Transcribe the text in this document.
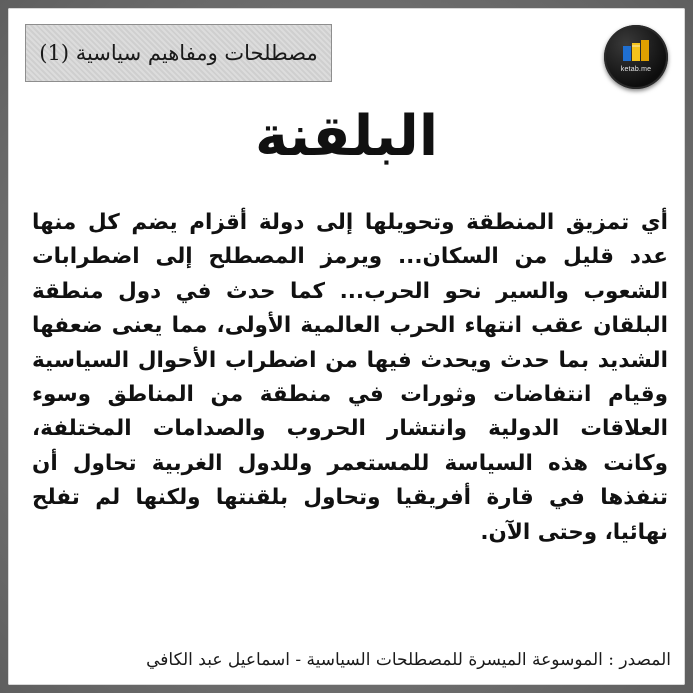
مصطلحات ومفاهيم سياسية (1)
ketab.me
البلقنة

أي تمزيق المنطقة وتحويلها إلى دولة أقزام يضم كل منها عدد قليل من السكان... ويرمز المصطلح إلى اضطرابات الشعوب والسير نحو الحرب... كما حدث في دول منطقة البلقان عقب انتهاء الحرب العالمية الأولى، مما يعنى ضعفها الشديد بما حدث ويحدث فيها من اضطراب الأحوال السياسية وقيام انتفاضات وثورات في منطقة من المناطق وسوء العلاقات الدولية وانتشار الحروب والصدامات المختلفة، وكانت هذه السياسة للمستعمر وللدول الغربية تحاول أن تنفذها في قارة أفريقيا وتحاول بلقنتها ولكنها لم تفلح نهائيا، وحتى الآن.

المصدر : الموسوعة الميسرة للمصطلحات السياسية - اسماعيل عبد الكافي
